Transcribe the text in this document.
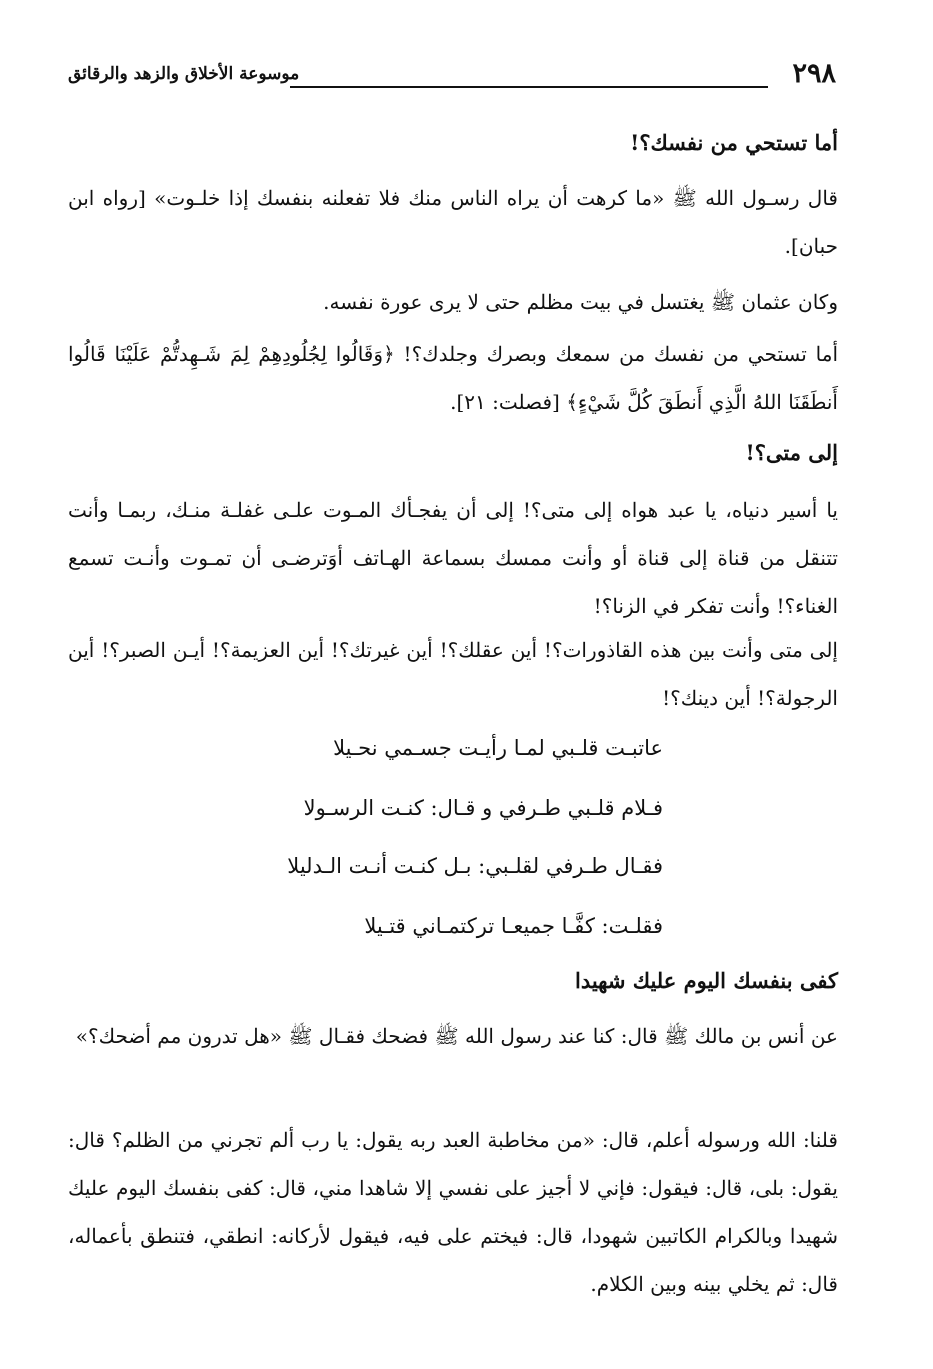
٢٩٨
موسوعة الأخلاق والزهد والرقائق
أما تستحي من نفسك؟!

قال رسـول الله ﷺ «ما كرهت أن يراه الناس منك فلا تفعلنه بنفسك إذا خلـوت» [رواه ابن حبان].

وكان عثمان ﷺ يغتسل في بيت مظلم حتى لا يرى عورة نفسه.

أما تستحي من نفسك من سمعك وبصرك وجلدك؟! ﴿وَقَالُوا لِجُلُودِهِمْ لِمَ شَـهِدتُّمْ عَلَيْنَا قَالُوا أَنطَقَنَا اللهُ الَّذِي أَنطَقَ كُلَّ شَيْءٍ﴾ [فصلت: ٢١].

إلى متى؟!

يا أسير دنياه، يا عبد هواه إلى متى؟! إلى أن يفجـأك المـوت علـى غفلـة منـك، ربمـا وأنت تتنقل من قناة إلى قناة أو وأنت ممسك بسماعة الهـاتف أوَترضـى أن تمـوت وأنـت تسمع الغناء؟! وأنت تفكر في الزنا؟!

إلى متى وأنت بين هذه القاذورات؟! أين عقلك؟! أين غيرتك؟! أين العزيمة؟! أيـن الصبر؟! أين الرجولة؟! أين دينك؟!

عاتبـت قلـبي لمـا رأيـت جسـمي نحـيلا

فـلام قلـبي طـرفي و قـال: كنـت الرسـولا

فقـال طـرفي لقلـبي: بـل كنـت أنـت الـدليلا

فقلـت: كفَّـا جميعـا تركتمـاني قتـيلا

كفى بنفسك اليوم عليك شهيدا

عن أنس بن مالك ﷺ قال: كنا عند رسول الله ﷺ فضحك فقـال ﷺ «هل تدرون مم أضحك؟»

قلنا: الله ورسوله أعلم، قال: «من مخاطبة العبد ربه يقول: يا رب ألم تجرني من الظلم؟ قال: يقول: بلى، قال: فيقول: فإني لا أجيز على نفسي إلا شاهدا مني، قال: كفى بنفسك اليوم عليك شهيدا وبالكرام الكاتبين شهودا، قال: فيختم على فيه، فيقول لأركانه: انطقي، فتنطق بأعماله، قال: ثم يخلي بينه وبين الكلام.
